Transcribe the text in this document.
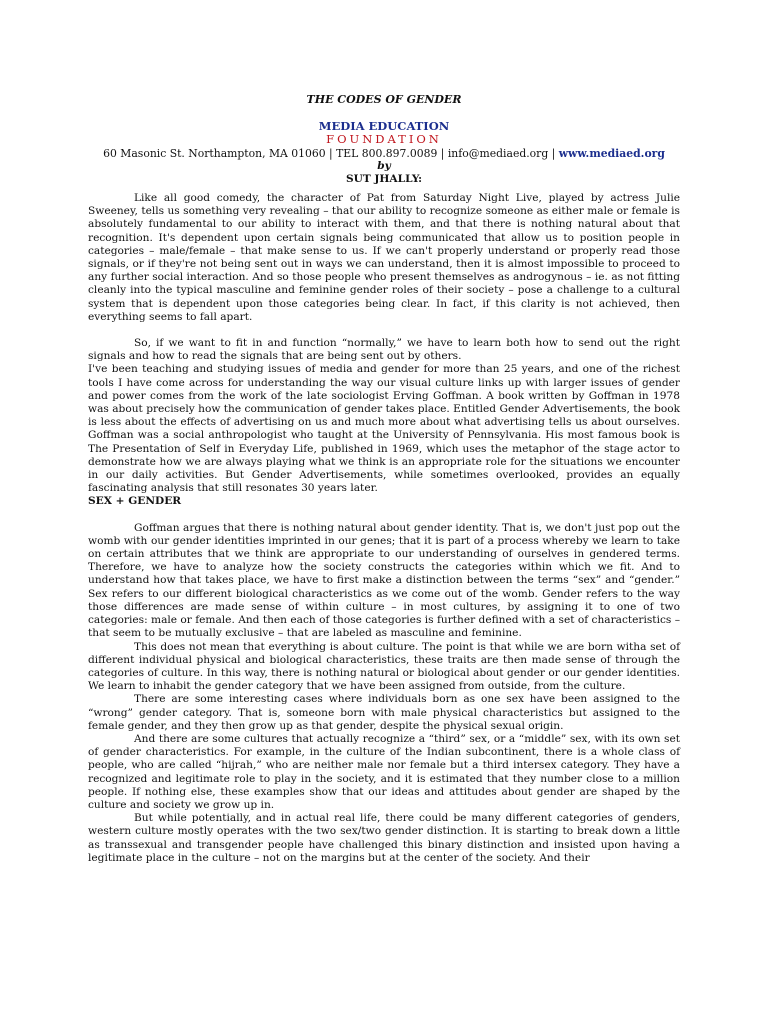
THE CODES OF GENDER

MEDIA EDUCATION

FOUNDATION

60 Masonic St. Northampton, MA 01060 | TEL 800.897.0089 | info@mediaed.org | www.mediaed.org

by

SUT JHALLY:

Like all good comedy, the character of Pat from Saturday Night Live, played by actress Julie Sweeney, tells us something very revealing – that our ability to recognize someone as either male or female is absolutely fundamental to our ability to interact with them, and that there is nothing natural about that recognition. It's dependent upon certain signals being communicated that allow us to position people in categories – male/female – that make sense to us. If we can't properly understand or properly read those signals, or if they're not being sent out in ways we can understand, then it is almost impossible to proceed to any further social interaction. And so those people who present themselves as androgynous – ie. as not fitting cleanly into the typical masculine and feminine gender roles of their society – pose a challenge to a cultural system that is dependent upon those categories being clear. In fact, if this clarity is not achieved, then everything seems to fall apart.

So, if we want to fit in and function “normally,” we have to learn both how to send out the right signals and how to read the signals that are being sent out by others.

I've been teaching and studying issues of media and gender for more than 25 years, and one of the richest tools I have come across for understanding the way our visual culture links up with larger issues of gender and power comes from the work of the late sociologist Erving Goffman. A book written by Goffman in 1978 was about precisely how the communication of gender takes place. Entitled Gender Advertisements, the book is less about the effects of advertising on us and much more about what advertising tells us about ourselves. Goffman was a social anthropologist who taught at the University of Pennsylvania. His most famous book is The Presentation of Self in Everyday Life, published in 1969, which uses the metaphor of the stage actor to demonstrate how we are always playing what we think is an appropriate role for the situations we encounter in our daily activities. But Gender Advertisements, while sometimes overlooked, provides an equally fascinating analysis that still resonates 30 years later.

SEX + GENDER

Goffman argues that there is nothing natural about gender identity. That is, we don't just pop out the womb with our gender identities imprinted in our genes; that it is part of a process whereby we learn to take on certain attributes that we think are appropriate to our understanding of ourselves in gendered terms. Therefore, we have to analyze how the society constructs the categories within which we fit. And to understand how that takes place, we have to first make a distinction between the terms “sex” and “gender.” Sex refers to our different biological characteristics as we come out of the womb. Gender refers to the way those differences are made sense of within culture – in most cultures, by assigning it to one of two categories: male or female. And then each of those categories is further defined with a set of characteristics – that seem to be mutually exclusive – that are labeled as masculine and feminine.

This does not mean that everything is about culture. The point is that while we are born witha set of different individual physical and biological characteristics, these traits are then made sense of through the categories of culture. In this way, there is nothing natural or biological about gender or our gender identities. We learn to inhabit the gender category that we have been assigned from outside, from the culture.

There are some interesting cases where individuals born as one sex have been assigned to the “wrong” gender category. That is, someone born with male physical characteristics but assigned to the female gender, and they then grow up as that gender, despite the physical sexual origin.

And there are some cultures that actually recognize a “third” sex, or a “middle” sex, with its own set of gender characteristics. For example, in the culture of the Indian subcontinent, there is a whole class of people, who are called “hijrah,” who are neither male nor female but a third intersex category. They have a recognized and legitimate role to play in the society, and it is estimated that they number close to a million people. If nothing else, these examples show that our ideas and attitudes about gender are shaped by the culture and society we grow up in.

But while potentially, and in actual real life, there could be many different categories of genders, western culture mostly operates with the two sex/two gender distinction. It is starting to break down a little as transsexual and transgender people have challenged this binary distinction and insisted upon having a legitimate place in the culture – not on the margins but at the center of the society. And their
